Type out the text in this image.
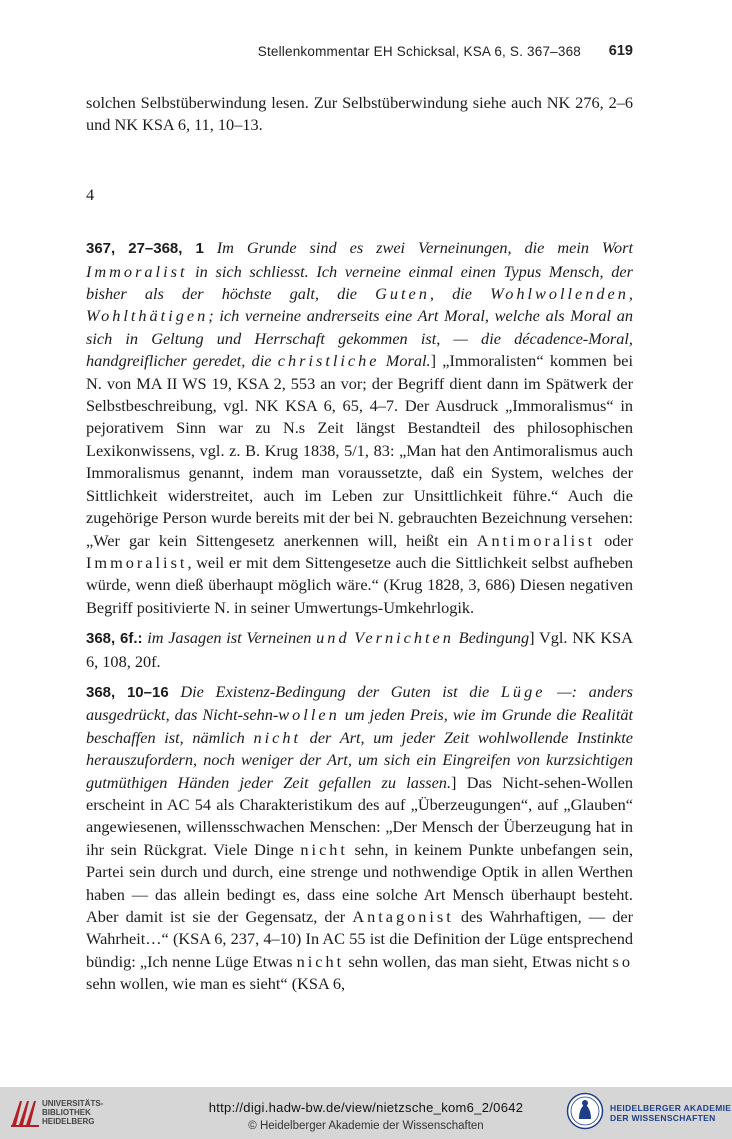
Stellenkommentar EH Schicksal, KSA 6, S. 367–368 619

solchen Selbstüberwindung lesen. Zur Selbstüberwindung siehe auch NK 276, 2–6 und NK KSA 6, 11, 10–13.

4

367, 27–368, 1 Im Grunde sind es zwei Verneinungen, die mein Wort Immoralist in sich schliesst. Ich verneine einmal einen Typus Mensch, der bisher als der höchste galt, die Guten, die Wohlwollenden, Wohlthätigen; ich verneine andrerseits eine Art Moral, welche als Moral an sich in Geltung und Herrschaft gekommen ist, — die décadence-Moral, handgreiflicher geredet, die christliche Moral.] „Immoralisten“ kommen bei N. von MA II WS 19, KSA 2, 553 an vor; der Begriff dient dann im Spätwerk der Selbstbeschreibung, vgl. NK KSA 6, 65, 4–7. Der Ausdruck „Immoralismus“ in pejorativem Sinn war zu N.s Zeit längst Bestandteil des philosophischen Lexikonwissens, vgl. z. B. Krug 1838, 5/1, 83: „Man hat den Antimoralismus auch Immoralismus genannt, indem man voraussetzte, daß ein System, welches der Sittlichkeit widerstreitet, auch im Leben zur Unsittlichkeit führe.“ Auch die zugehörige Person wurde bereits mit der bei N. gebrauchten Bezeichnung versehen: „Wer gar kein Sittengesetz anerkennen will, heißt ein Antimoralist oder Immoralist, weil er mit dem Sittengesetze auch die Sittlichkeit selbst aufheben würde, wenn dieß überhaupt möglich wäre.“ (Krug 1828, 3, 686) Diesen negativen Begriff positivierte N. in seiner Umwertungs-Umkehrlogik.

368, 6f.: im Jasagen ist Verneinen und Vernichten Bedingung] Vgl. NK KSA 6, 108, 20f.

368, 10–16 Die Existenz-Bedingung der Guten ist die Lüge —: anders ausgedrückt, das Nicht-sehn-wollen um jeden Preis, wie im Grunde die Realität beschaffen ist, nämlich nicht der Art, um jeder Zeit wohlwollende Instinkte herauszufordern, noch weniger der Art, um sich ein Eingreifen von kurzsichtigen gutmüthigen Händen jeder Zeit gefallen zu lassen.] Das Nicht-sehen-Wollen erscheint in AC 54 als Charakteristikum des auf „Überzeugungen“, auf „Glauben“ angewiesenen, willensschwachen Menschen: „Der Mensch der Überzeugung hat in ihr sein Rückgrat. Viele Dinge nicht sehn, in keinem Punkte unbefangen sein, Partei sein durch und durch, eine strenge und nothwendige Optik in allen Werthen haben — das allein bedingt es, dass eine solche Art Mensch überhaupt besteht. Aber damit ist sie der Gegensatz, der Antagonist des Wahrhaftigen, — der Wahrheit…“ (KSA 6, 237, 4–10) In AC 55 ist die Definition der Lüge entsprechend bündig: „Ich nenne Lüge Etwas nicht sehn wollen, das man sieht, Etwas nicht so sehn wollen, wie man es sieht“ (KSA 6,

UNIVERSITÄTS-
BIBLIOTHEK
HEIDELBERG
http://digi.hadw-bw.de/view/nietzsche_kom6_2/0642
© Heidelberger Akademie der Wissenschaften
HEIDELBERGER AKADEMIE
DER WISSENSCHAFTEN
